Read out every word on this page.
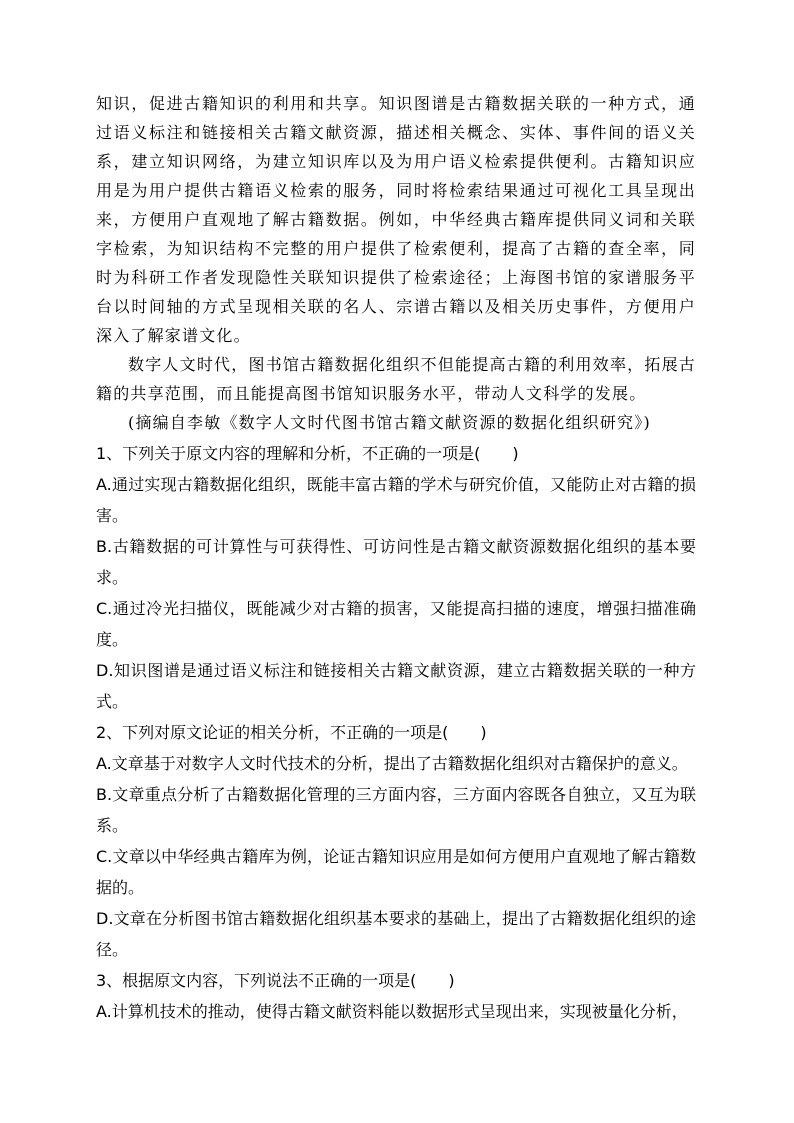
知识，促进古籍知识的利用和共享。知识图谱是古籍数据关联的一种方式，通过语义标注和链接相关古籍文献资源，描述相关概念、实体、事件间的语义关系，建立知识网络，为建立知识库以及为用户语义检索提供便利。古籍知识应用是为用户提供古籍语义检索的服务，同时将检索结果通过可视化工具呈现出来，方便用户直观地了解古籍数据。例如，中华经典古籍库提供同义词和关联字检索，为知识结构不完整的用户提供了检索便利，提高了古籍的查全率，同时为科研工作者发现隐性关联知识提供了检索途径；上海图书馆的家谱服务平台以时间轴的方式呈现相关联的名人、宗谱古籍以及相关历史事件，方便用户深入了解家谱文化。

数字人文时代，图书馆古籍数据化组织不但能提高古籍的利用效率，拓展古籍的共享范围，而且能提高图书馆知识服务水平，带动人文科学的发展。

(摘编自李敏《数字人文时代图书馆古籍文献资源的数据化组织研究》)

1、下列关于原文内容的理解和分析，不正确的一项是(　　)

A.通过实现古籍数据化组织，既能丰富古籍的学术与研究价值，又能防止对古籍的损害。

B.古籍数据的可计算性与可获得性、可访问性是古籍文献资源数据化组织的基本要求。

C.通过冷光扫描仪，既能减少对古籍的损害，又能提高扫描的速度，增强扫描准确度。

D.知识图谱是通过语义标注和链接相关古籍文献资源，建立古籍数据关联的一种方式。

2、下列对原文论证的相关分析，不正确的一项是(　　)

A.文章基于对数字人文时代技术的分析，提出了古籍数据化组织对古籍保护的意义。

B.文章重点分析了古籍数据化管理的三方面内容，三方面内容既各自独立，又互为联系。

C.文章以中华经典古籍库为例，论证古籍知识应用是如何方便用户直观地了解古籍数据的。

D.文章在分析图书馆古籍数据化组织基本要求的基础上，提出了古籍数据化组织的途径。

3、根据原文内容，下列说法不正确的一项是(　　)

A.计算机技术的推动，使得古籍文献资料能以数据形式呈现出来，实现被量化分析，
